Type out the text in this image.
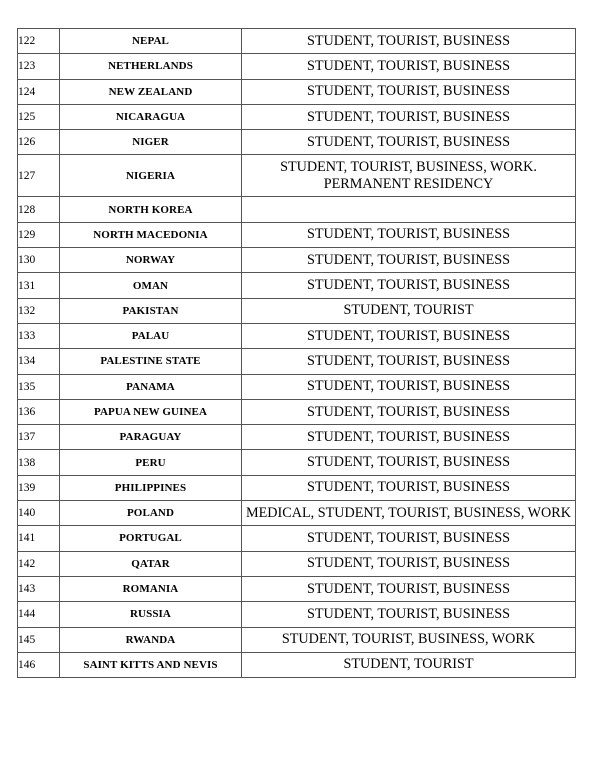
122	NEPAL	STUDENT, TOURIST, BUSINESS

123	NETHERLANDS	STUDENT, TOURIST, BUSINESS

124	NEW ZEALAND	STUDENT, TOURIST, BUSINESS

125	NICARAGUA	STUDENT, TOURIST, BUSINESS

126	NIGER	STUDENT, TOURIST, BUSINESS

127	NIGERIA	STUDENT, TOURIST, BUSINESS, WORK.
PERMANENT RESIDENCY

128	NORTH KOREA	
129	NORTH MACEDONIA	STUDENT, TOURIST, BUSINESS

130	NORWAY	STUDENT, TOURIST, BUSINESS

131	OMAN	STUDENT, TOURIST, BUSINESS

132	PAKISTAN	STUDENT, TOURIST

133	PALAU	STUDENT, TOURIST, BUSINESS

134	PALESTINE STATE	STUDENT, TOURIST, BUSINESS

135	PANAMA	STUDENT, TOURIST, BUSINESS

136	PAPUA NEW GUINEA	STUDENT, TOURIST, BUSINESS

137	PARAGUAY	STUDENT, TOURIST, BUSINESS

138	PERU	STUDENT, TOURIST, BUSINESS

139	PHILIPPINES	STUDENT, TOURIST, BUSINESS

140	POLAND	MEDICAL, STUDENT, TOURIST, BUSINESS, WORK

141	PORTUGAL	STUDENT, TOURIST, BUSINESS

142	QATAR	STUDENT, TOURIST, BUSINESS

143	ROMANIA	STUDENT, TOURIST, BUSINESS

144	RUSSIA	STUDENT, TOURIST, BUSINESS

145	RWANDA	STUDENT, TOURIST, BUSINESS, WORK

146	SAINT KITTS AND NEVIS	STUDENT, TOURIST
